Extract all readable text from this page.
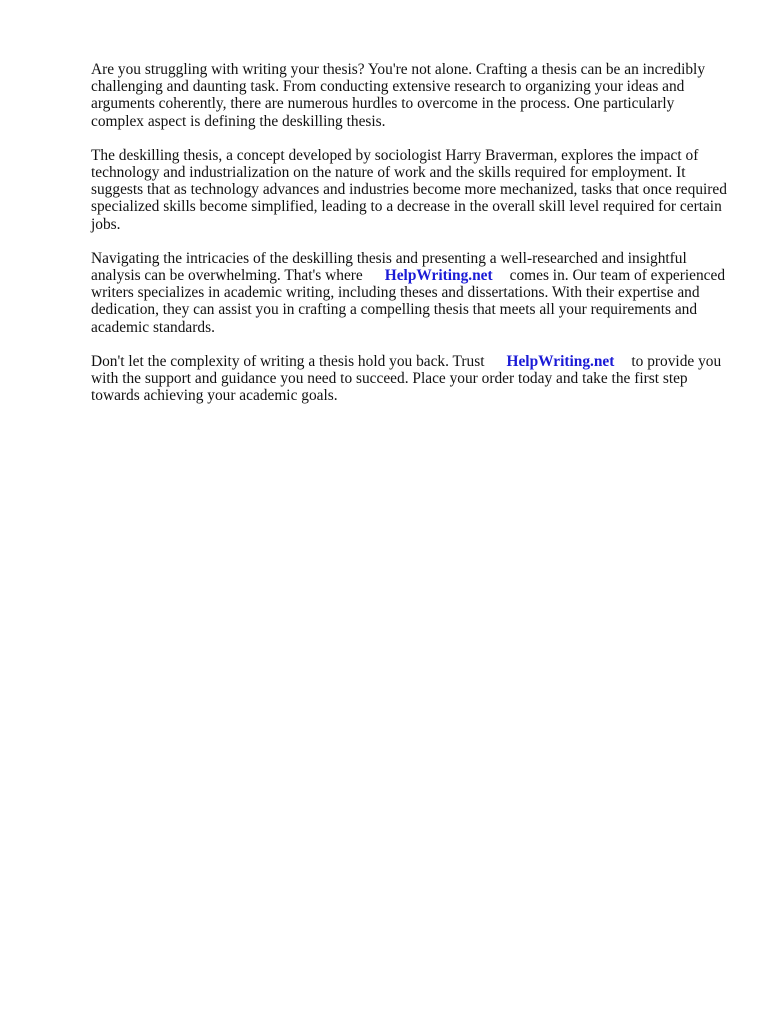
Are you struggling with writing your thesis? You're not alone. Crafting a thesis can be an incredibly challenging and daunting task. From conducting extensive research to organizing your ideas and arguments coherently, there are numerous hurdles to overcome in the process. One particularly complex aspect is defining the deskilling thesis.

The deskilling thesis, a concept developed by sociologist Harry Braverman, explores the impact of technology and industrialization on the nature of work and the skills required for employment. It suggests that as technology advances and industries become more mechanized, tasks that once required specialized skills become simplified, leading to a decrease in the overall skill level required for certain jobs.

Navigating the intricacies of the deskilling thesis and presenting a well-researched and insightful analysis can be overwhelming. That's where HelpWriting.net comes in. Our team of experienced writers specializes in academic writing, including theses and dissertations. With their expertise and dedication, they can assist you in crafting a compelling thesis that meets all your requirements and academic standards.

Don't let the complexity of writing a thesis hold you back. Trust HelpWriting.net to provide you with the support and guidance you need to succeed. Place your order today and take the first step towards achieving your academic goals.
